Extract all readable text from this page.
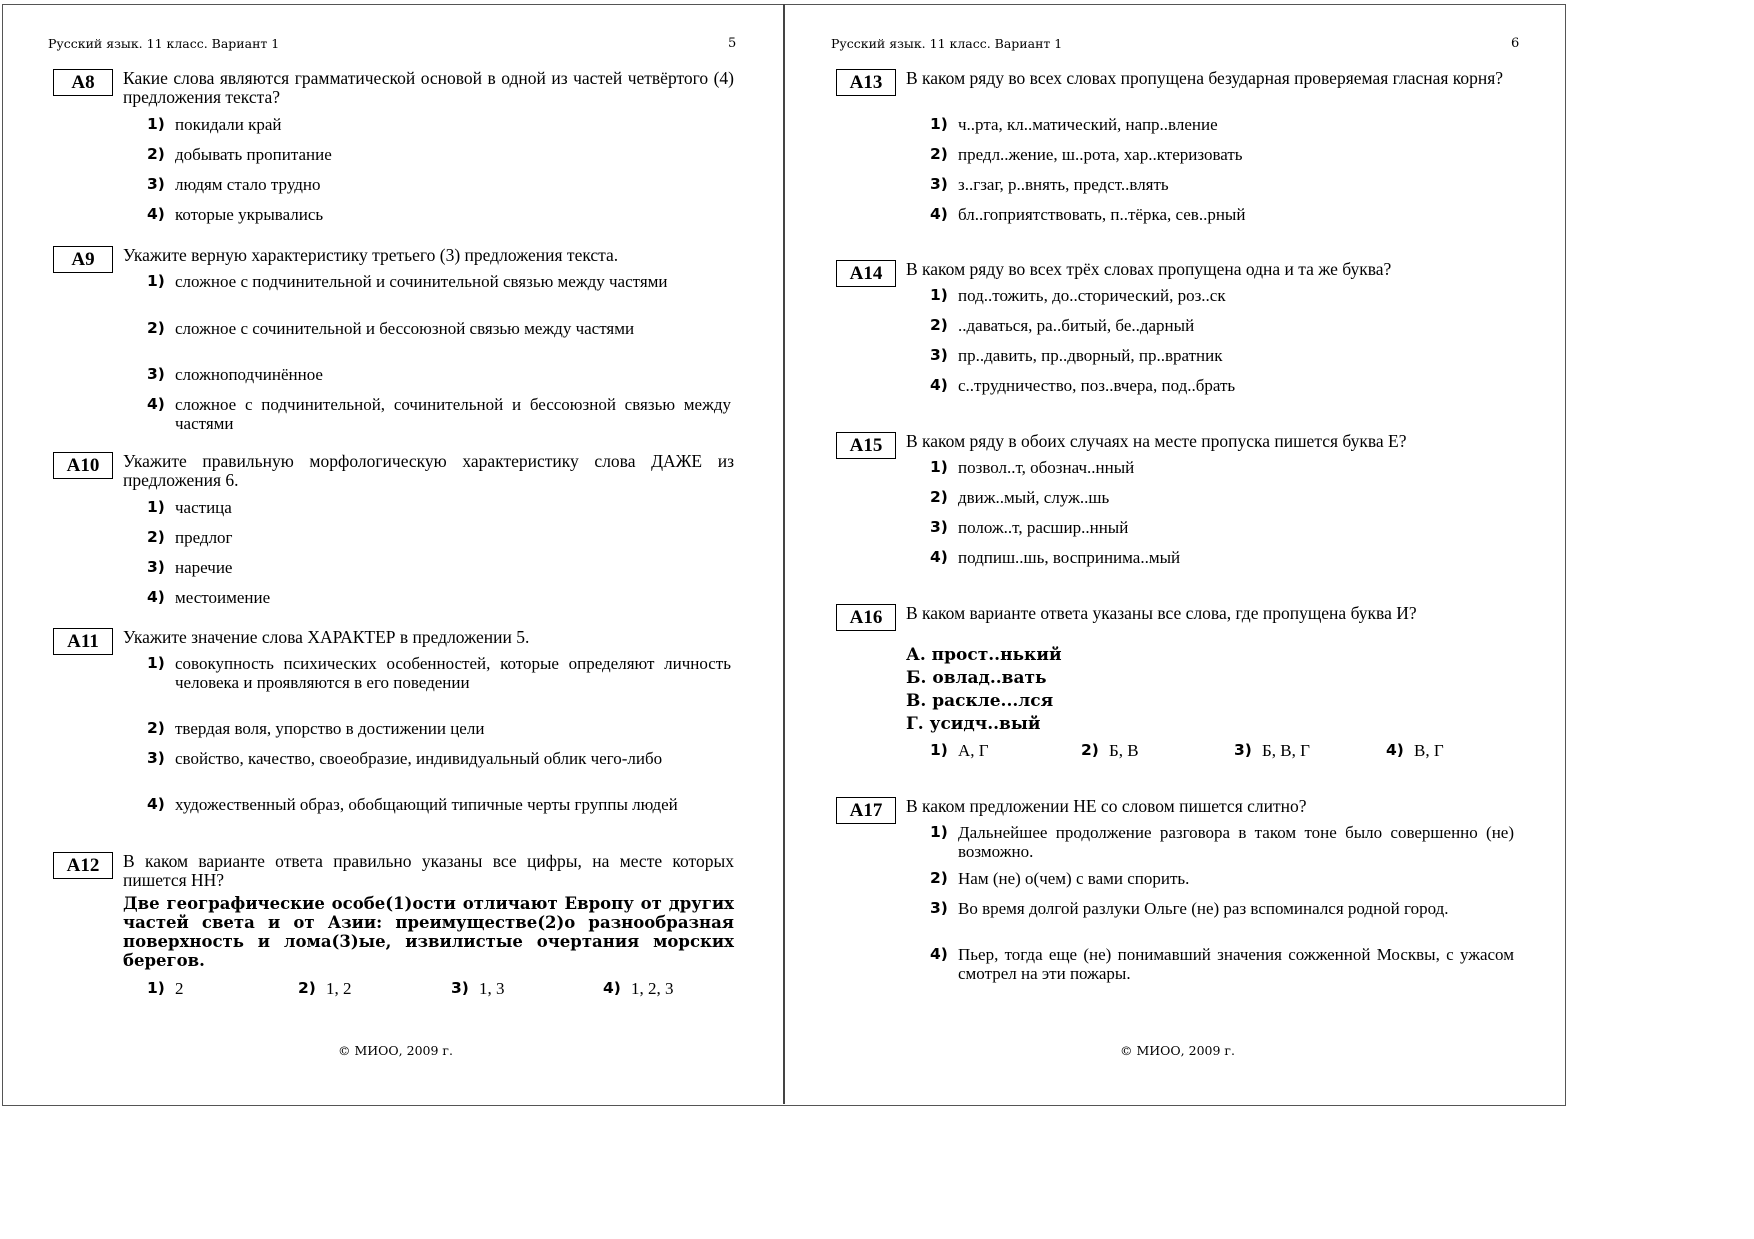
Русский язык. 11 класс. Вариант 1	5
A8	Какие слова являются грамматической основой в одной из частей четвёртого (4) предложения текста?
1) покидали край
2) добывать пропитание
3) людям стало трудно
4) которые укрывались
A9	Укажите верную характеристику третьего (3) предложения текста.
1) сложное с подчинительной и сочинительной связью между частями
2) сложное с сочинительной и бессоюзной связью между частями
3) сложноподчинённое
4) сложное с подчинительной, сочинительной и бессоюзной связью между частями
A10	Укажите правильную морфологическую характеристику слова ДАЖЕ из предложения 6.
1) частица
2) предлог
3) наречие
4) местоимение
A11	Укажите значение слова ХАРАКТЕР в предложении 5.
1) совокупность психических особенностей, которые определяют личность человека и проявляются в его поведении
2) твердая воля, упорство в достижении цели
3) свойство, качество, своеобразие, индивидуальный облик чего-либо
4) художественный образ, обобщающий типичные черты группы людей
A12	В каком варианте ответа правильно указаны все цифры, на месте которых пишется НН?
Две географические особе(1)ости отличают Европу от других частей света и от Азии: преимуществе(2)о разнообразная поверхность и лома(3)ые, извилистые очертания морских берегов.
1) 2	2) 1, 2	3) 1, 3	4) 1, 2, 3
© МИОО, 2009 г.
Русский язык. 11 класс. Вариант 1	6
A13	В каком ряду во всех словах пропущена безударная проверяемая гласная корня?
1) ч..рта, кл..матический, напр..вление
2) предл..жение, ш..рота, хар..ктеризовать
3) з..гзаг, р..внять, предст..влять
4) бл..гоприятствовать, п..тёрка, сев..рный
A14	В каком ряду во всех трёх словах пропущена одна и та же буква?
1) под..тожить, до..сторический, роз..ск
2) ..даваться, ра..битый, бе..дарный
3) пр..давить, пр..дворный, пр..вратник
4) с..трудничество, поз..вчера, под..брать
A15	В каком ряду в обоих случаях на месте пропуска пишется буква Е?
1) позвол..т, обознач..нный
2) движ..мый, служ..шь
3) полож..т, расшир..нный
4) подпиш..шь, воспринима..мый
A16	В каком варианте ответа указаны все слова, где пропущена буква И?
А. прост..нький
Б. овлад..вать
В. раскле...лся
Г. усидч..вый
1) А, Г	2) Б, В	3) Б, В, Г	4) В, Г
A17	В каком предложении НЕ со словом пишется слитно?
1) Дальнейшее продолжение разговора в таком тоне было совершенно (не) возможно.
2) Нам (не) о(чем) с вами спорить.
3) Во время долгой разлуки Ольге (не) раз вспоминался родной город.
4) Пьер, тогда еще (не) понимавший значения сожженной Москвы, с ужасом смотрел на эти пожары.
© МИОО, 2009 г.
